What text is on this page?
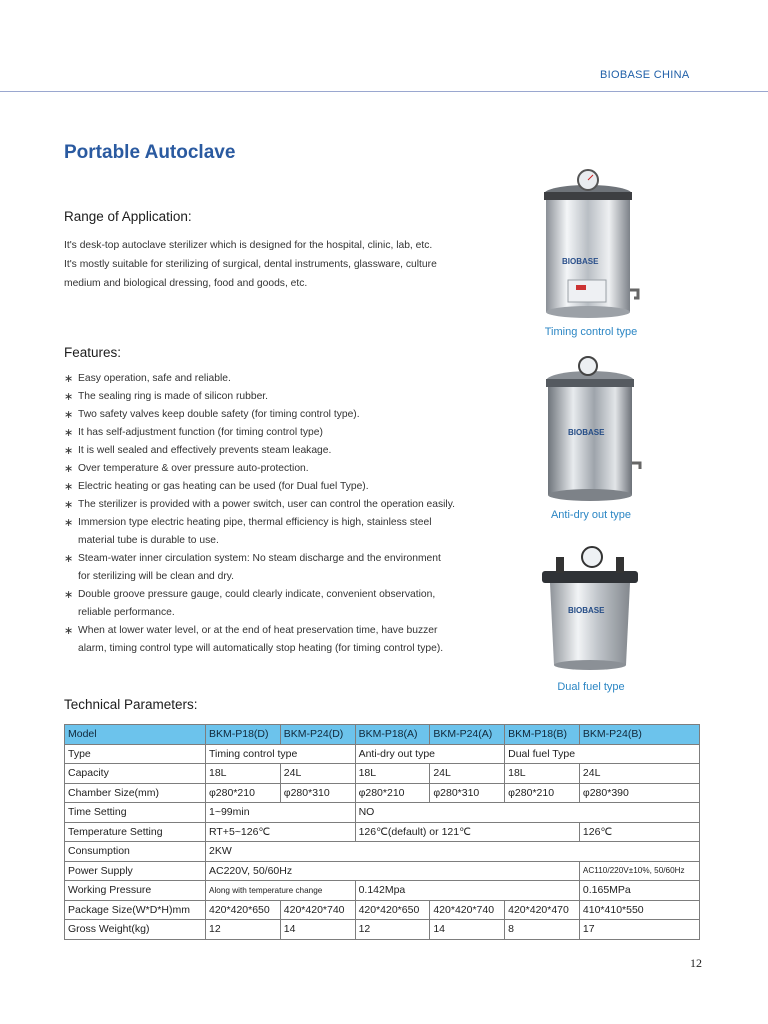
BIOBASE CHINA
Portable Autoclave
Range of Application:
It's desk-top autoclave sterilizer which is designed for the hospital, clinic, lab, etc.
It's mostly suitable for sterilizing of surgical, dental instruments, glassware, culture
medium and biological dressing, food and goods, etc.
Features:
∗ Easy operation, safe and reliable.
∗ The sealing ring is made of silicon rubber.
∗ Two safety valves keep double safety (for timing control type).
∗ It has self-adjustment function (for timing control type)
∗ It is well sealed and effectively prevents steam leakage.
∗ Over temperature & over pressure auto-protection.
∗ Electric heating or gas heating can be used (for Dual fuel Type).
∗ The sterilizer is provided with a power switch, user can control the operation easily.
∗ Immersion type electric heating pipe, thermal efficiency is high, stainless steel
material tube is durable to use.
∗ Steam-water inner circulation system: No steam discharge and the environment
for sterilizing will be clean and dry.
∗ Double groove pressure gauge, could clearly indicate, convenient observation,
reliable performance.
∗ When at lower water level, or at the end of heat preservation time, have buzzer
alarm, timing control type will automatically stop heating (for timing control type).
BIOBASE
Timing control type
BIOBASE
Anti-dry out type
BIOBASE
Dual fuel type
Technical Parameters:
Model	BKM-P18(D)	BKM-P24(D)	BKM-P18(A)	BKM-P24(A)	BKM-P18(B)	BKM-P24(B)
Type	Timing control type		Anti-dry out type		Dual fuel Type	
Capacity	18L	24L	18L	24L	18L	24L
Chamber Size(mm)	φ280*210	φ280*310	φ280*210	φ280*310	φ280*210	φ280*390
Time Setting	1~99min		NO			
Temperature Setting	RT+5~126℃		126℃(default) or 121℃			126℃
Consumption	2KW					
Power Supply	AC220V, 50/60Hz					AC110/220V±10%, 50/60Hz
Working Pressure	Along with temperature change		0.142Mpa			0.165MPa
Package Size(W*D*H)mm	420*420*650	420*420*740	420*420*650	420*420*740	420*420*470	410*410*550
Gross Weight(kg)	12	14	12	14	8	17
12
